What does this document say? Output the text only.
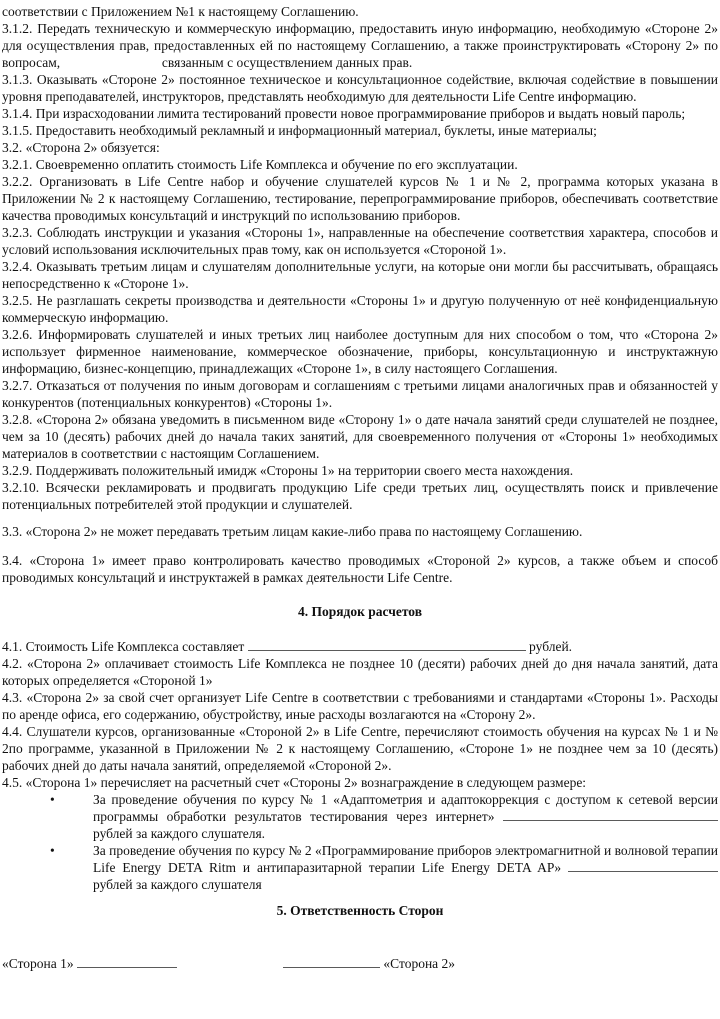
соответствии с Приложением №1 к настоящему Соглашению.

3.1.2. Передать техническую и коммерческую информацию, предоставить иную информацию, необходимую «Стороне 2» для осуществления прав, предоставленных ей по настоящему Соглашению, а также проинструктировать «Сторону 2» по вопросам,	связанным с осуществлением данных прав.

3.1.3. Оказывать «Стороне 2» постоянное техническое и консультационное содействие, включая содействие в повышении уровня преподавателей, инструкторов, представлять необходимую для деятельности Life Centre информацию.

3.1.4. При израсходовании лимита тестирований провести новое программирование приборов и выдать новый пароль;

3.1.5. Предоставить необходимый рекламный и информационный материал, буклеты, иные материалы;

3.2. «Сторона 2» обязуется:

3.2.1. Своевременно оплатить стоимость Life Комплекса и обучение по его эксплуатации.

3.2.2. Организовать в Life Centre набор и обучение слушателей курсов № 1 и № 2, программа которых указана в Приложении № 2 к настоящему Соглашению, тестирование, перепрограммирование приборов, обеспечивать соответствие качества проводимых консультаций и инструкций по использованию приборов.

3.2.3. Соблюдать инструкции и указания «Стороны 1», направленные на обеспечение соответствия характера, способов и условий использования исключительных прав тому, как он используется «Стороной 1».

3.2.4. Оказывать третьим лицам и слушателям дополнительные услуги, на которые они могли бы рассчитывать, обращаясь непосредственно к «Стороне 1».

3.2.5. Не разглашать секреты производства и деятельности «Стороны 1» и другую полученную от неё конфиденциальную коммерческую информацию.

3.2.6. Информировать слушателей и иных третьих лиц наиболее доступным для них способом о том, что «Сторона 2» использует фирменное наименование, коммерческое обозначение, приборы, консультационную и инструктажную информацию, бизнес-концепцию, принадлежащих «Стороне 1», в силу настоящего Соглашения.

3.2.7. Отказаться от получения по иным договорам и соглашениям с третьими лицами аналогичных прав и обязанностей у конкурентов (потенциальных конкурентов) «Стороны 1».

3.2.8. «Сторона 2» обязана уведомить в письменном виде «Сторону 1» о дате начала занятий среди слушателей не позднее, чем за 10 (десять) рабочих дней до начала таких занятий, для своевременного получения от «Стороны 1» необходимых материалов в соответствии с настоящим Соглашением.

3.2.9. Поддерживать положительный имидж «Стороны 1» на территории своего места нахождения.

3.2.10. Всячески рекламировать и продвигать продукцию Life среди третьих лиц, осуществлять поиск и привлечение потенциальных потребителей этой продукции и слушателей.

3.3. «Сторона 2» не может передавать третьим лицам какие-либо права по настоящему Соглашению.

3.4. «Сторона 1» имеет право контролировать качество проводимых «Стороной 2» курсов, а также объем и способ проводимых консультаций и инструктажей в рамках деятельности Life Centre.

4. Порядок расчетов

4.1. Стоимость Life Комплекса составляет	рублей.

4.2. «Сторона 2» оплачивает стоимость Life Комплекса не позднее 10 (десяти) рабочих дней до дня начала занятий, дата которых определяется «Стороной 1»

4.3. «Сторона 2» за свой счет организует Life Centre в соответствии с требованиями и стандартами «Стороны 1». Расходы по аренде офиса, его содержанию, обустройству, иные расходы возлагаются на «Сторону 2».

4.4. Слушатели курсов, организованные «Стороной 2» в Life Centre, перечисляют стоимость обучения на курсах № 1 и № 2по программе, указанной в Приложении № 2 к настоящему Соглашению, «Стороне 1» не позднее чем за 10 (десять) рабочих дней до даты начала занятий, определяемой «Стороной 2».

4.5. «Сторона 1» перечисляет на расчетный счет «Стороны 2» вознаграждение в следующем размере:

•	За проведение обучения по курсу № 1 «Адаптометрия и адаптокоррекция с доступом к сетевой версии программы обработки результатов тестирования через интернет»  рублей за каждого слушателя.

•	За проведение обучения по курсу № 2 «Программирование приборов электромагнитной и волновой терапии Life Energy DETA Ritm и антипаразитарной терапии Life Energy DETA AP»  рублей за каждого слушателя

5. Ответственность Сторон

«Сторона 1»	«Сторона 2»
